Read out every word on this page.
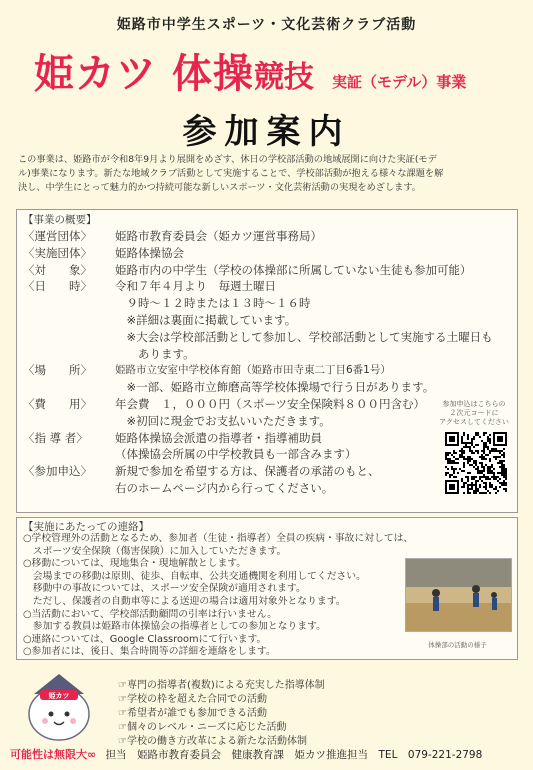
姫路市中学生スポーツ・文化芸術クラブ活動
姫カツ 体操競技 実証（モデル）事業
参加案内
この事業は、姫路市が令和8年9月より展開をめざす、休日の学校部活動の地域展開に向けた実証(モデ
ル)事業になります。新たな地域クラブ活動として実施することで、学校部活動が抱える様々な課題を解
決し、中学生にとって魅力的かつ持続可能な新しいスポーツ・文化芸術活動の実現をめざします。
【事業の概要】
〈運営団体〉 姫路市教育委員会（姫カツ運営事務局）
〈実施団体〉 姫路体操協会
〈対　　象〉 姫路市内の中学生（学校の体操部に所属していない生徒も参加可能）
〈日　　時〉 令和７年４月より　毎週土曜日
　９時～１２時または１３時～１６時
　※詳細は裏面に掲載しています。
　※大会は学校部活動として参加し、学校部活動として実施する土曜日も
　　あります。
〈場　　所〉 姫路市立安室中学校体育館（姫路市田寺東二丁目6番1号）
　※一部、姫路市立飾磨高等学校体操場で行う日があります。
〈費　　用〉 年会費　１，０００円（スポーツ安全保険料８００円含む）
　※初回に現金でお支払いいただきます。
〈指 導 者〉 姫路体操協会派遣の指導者・指導補助員
（体操協会所属の中学校教員も一部含みます）
〈参加申込〉 新規で参加を希望する方は、保護者の承諾のもと、
右のホームページ内から行ってください。
参加申込はこちらの
２次元コードに
アクセスしてください
【実施にあたっての連絡】
○学校管理外の活動となるため、参加者（生徒・指導者）全員の疾病・事故に対しては、
　スポーツ安全保険（傷害保険）に加入していただきます。
○移動については、現地集合・現地解散とします。
　会場までの移動は原則、徒歩、自転車、公共交通機関を利用してください。
　移動中の事故については、スポーツ安全保険が適用されます。
　ただし、保護者の自動車等による送迎の場合は適用対象外となります。
○当活動において、学校部活動顧問の引率は行いません。
　参加する教員は姫路市体操協会の指導者としての参加となります。
○連絡については、Google Classroomにて行います。
○参加者には、後日、集合時間等の詳細を連絡をします。
体操部の活動の様子
姫カツ
☞専門の指導者(複数)による充実した指導体制
☞学校の枠を超えた合同での活動
☞希望者が誰でも参加できる活動
☞個々のレベル・ニーズに応じた活動
☞学校の働き方改革による新たな活動体制
可能性は無限大∞ 担当　姫路市教育委員会　健康教育課　姫カツ推進担当　TEL　079-221-2798
